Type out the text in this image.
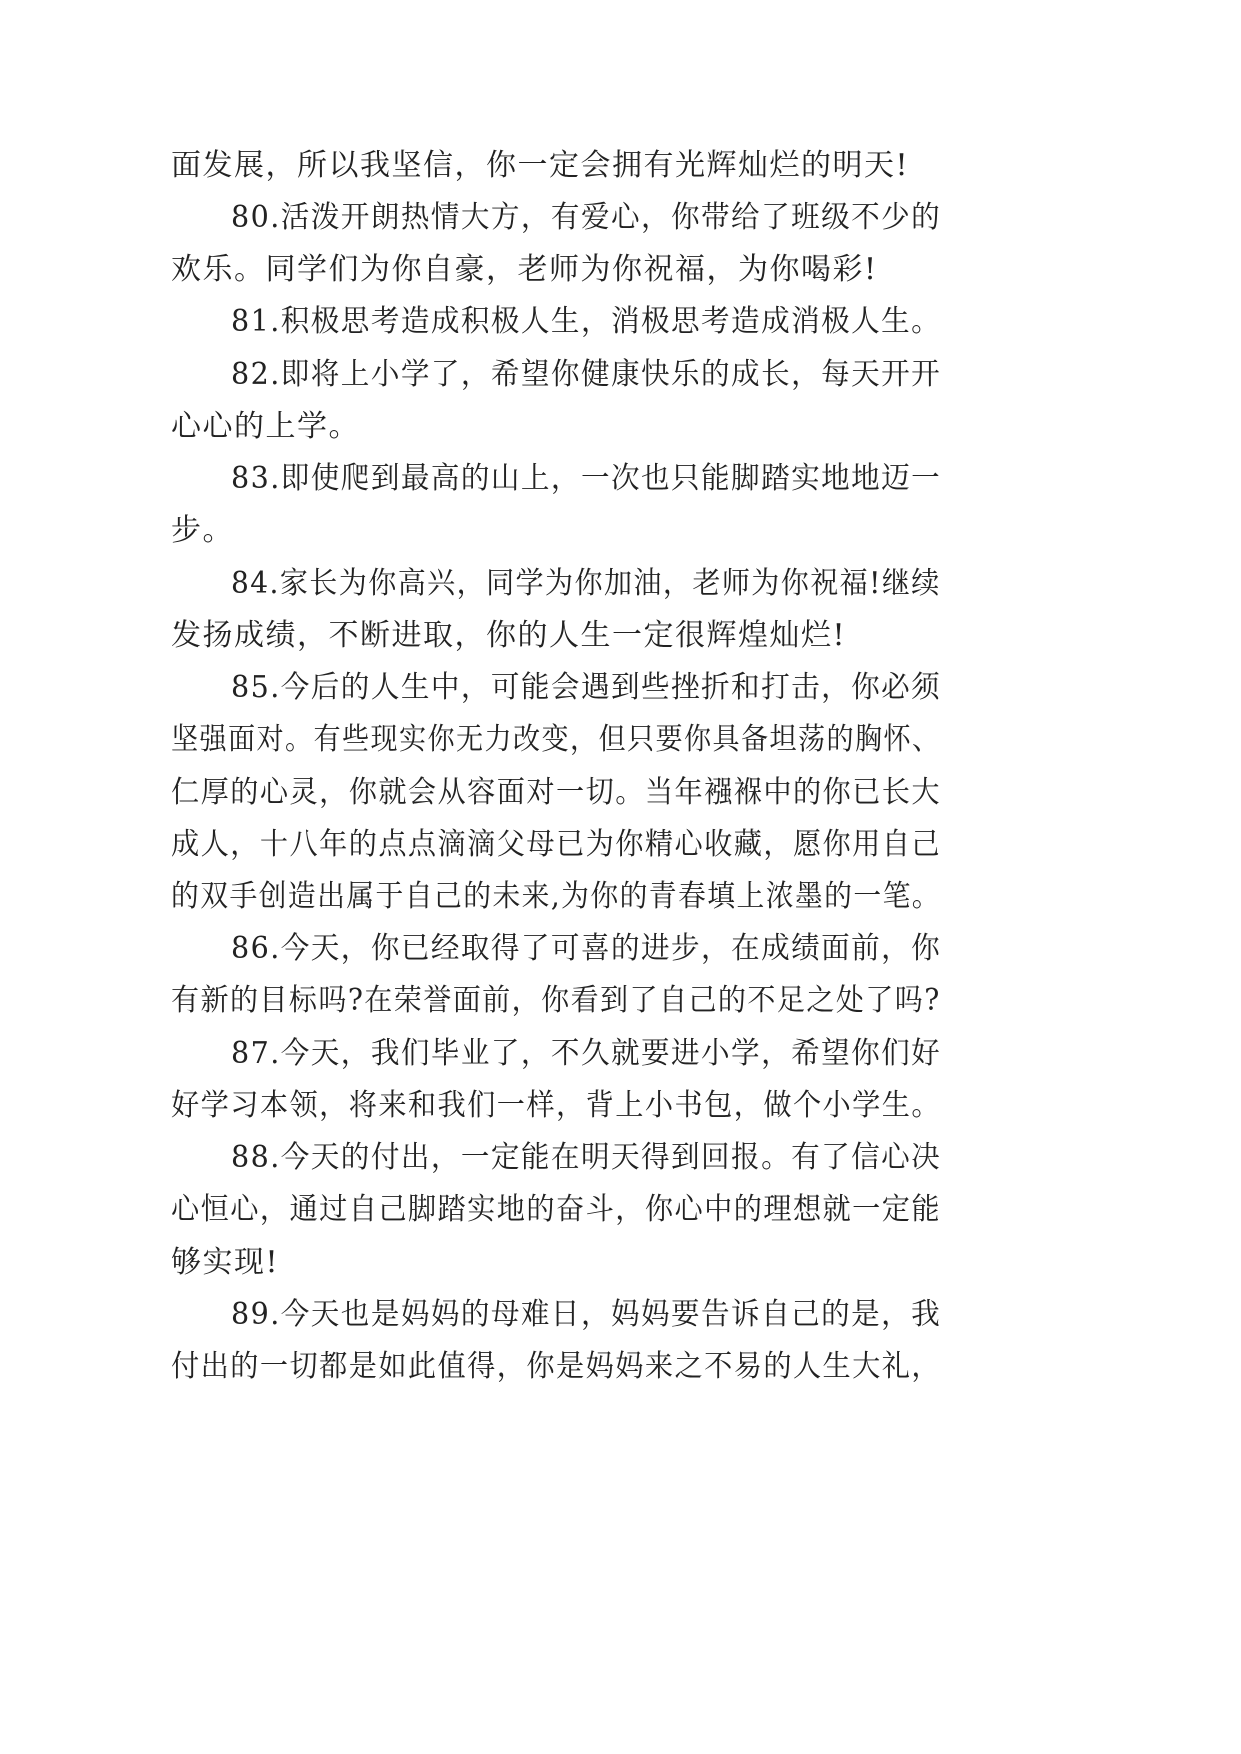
面发展，所以我坚信，你一定会拥有光辉灿烂的明天!
80.活泼开朗热情大方，有爱心，你带给了班级不少的
欢乐。同学们为你自豪，老师为你祝福，为你喝彩!
81.积极思考造成积极人生，消极思考造成消极人生。
82.即将上小学了，希望你健康快乐的成长，每天开开
心心的上学。
83.即使爬到最高的山上，一次也只能脚踏实地地迈一
步。
84.家长为你高兴，同学为你加油，老师为你祝福!继续
发扬成绩，不断进取，你的人生一定很辉煌灿烂!
85.今后的人生中，可能会遇到些挫折和打击，你必须
坚强面对。有些现实你无力改变，但只要你具备坦荡的胸怀、
仁厚的心灵，你就会从容面对一切。当年襁褓中的你已长大
成人，十八年的点点滴滴父母已为你精心收藏，愿你用自己
的双手创造出属于自己的未来,为你的青春填上浓墨的一笔。
86.今天，你已经取得了可喜的进步，在成绩面前，你
有新的目标吗?在荣誉面前，你看到了自己的不足之处了吗?
87.今天，我们毕业了，不久就要进小学，希望你们好
好学习本领，将来和我们一样，背上小书包，做个小学生。
88.今天的付出，一定能在明天得到回报。有了信心决
心恒心，通过自己脚踏实地的奋斗，你心中的理想就一定能
够实现!
89.今天也是妈妈的母难日，妈妈要告诉自己的是，我
付出的一切都是如此值得，你是妈妈来之不易的人生大礼，
